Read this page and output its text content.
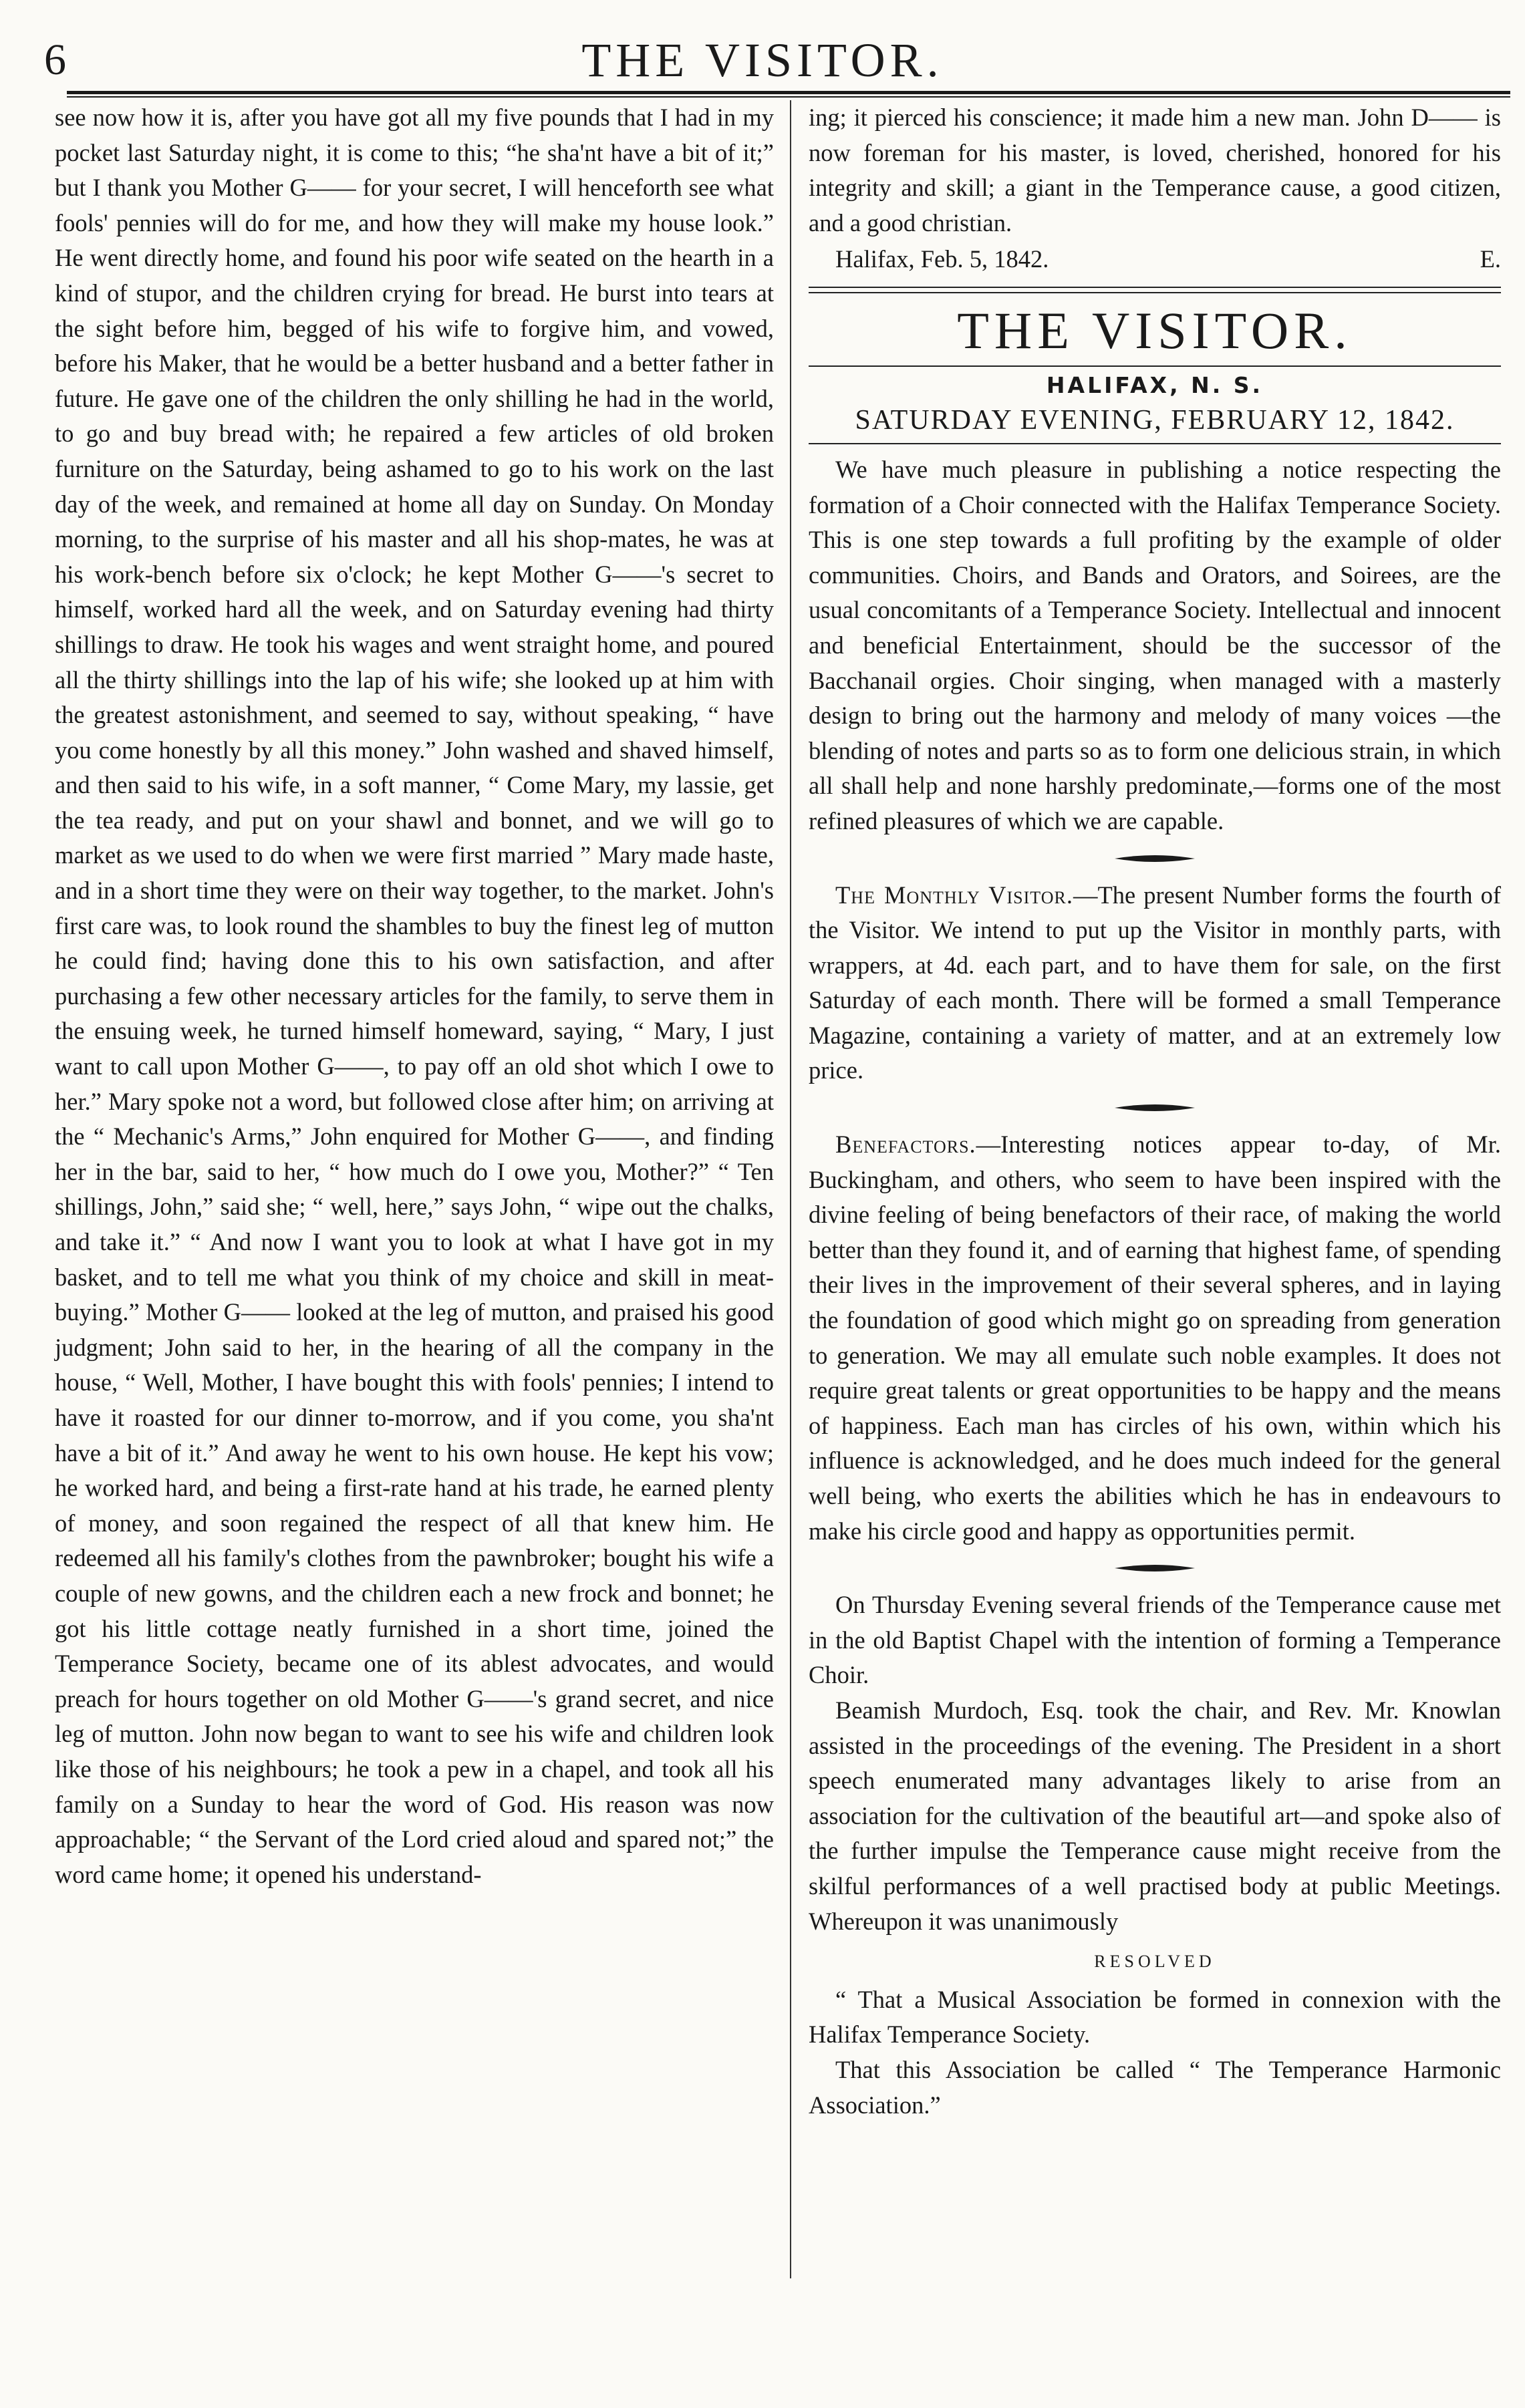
6	THE VISITOR.

see now how it is, after you have got all my five pounds that I had in my pocket last Saturday night, it is come to this; “he sha'nt have a bit of it;” but I thank you Mother G—— for your secret, I will henceforth see what fools' pennies will do for me, and how they will make my house look.” He went directly home, and found his poor wife seated on the hearth in a kind of stupor, and the children crying for bread. He burst into tears at the sight before him, begged of his wife to forgive him, and vowed, before his Maker, that he would be a better husband and a better father in future. He gave one of the children the only shilling he had in the world, to go and buy bread with; he repaired a few articles of old broken furniture on the Saturday, being ashamed to go to his work on the last day of the week, and remained at home all day on Sunday. On Monday morning, to the surprise of his master and all his shop-mates, he was at his work-bench before six o'clock; he kept Mother G——'s secret to himself, worked hard all the week, and on Saturday evening had thirty shillings to draw. He took his wages and went straight home, and poured all the thirty shillings into the lap of his wife; she looked up at him with the greatest astonishment, and seemed to say, without speaking, “ have you come honestly by all this money.” John washed and shaved himself, and then said to his wife, in a soft manner, “ Come Mary, my lassie, get the tea ready, and put on your shawl and bonnet, and we will go to market as we used to do when we were first married ” Mary made haste, and in a short time they were on their way together, to the market. John's first care was, to look round the shambles to buy the finest leg of mutton he could find; having done this to his own satisfaction, and after purchasing a few other necessary articles for the family, to serve them in the ensuing week, he turned himself homeward, saying, “ Mary, I just want to call upon Mother G——, to pay off an old shot which I owe to her.” Mary spoke not a word, but followed close after him; on arriving at the “ Mechanic's Arms,” John enquired for Mother G——, and finding her in the bar, said to her, “ how much do I owe you, Mother?” “ Ten shillings, John,” said she; “ well, here,” says John, “ wipe out the chalks, and take it.” “ And now I want you to look at what I have got in my basket, and to tell me what you think of my choice and skill in meat-buying.” Mother G—— looked at the leg of mutton, and praised his good judgment; John said to her, in the hearing of all the company in the house, “ Well, Mother, I have bought this with fools' pennies; I intend to have it roasted for our dinner to-morrow, and if you come, you sha'nt have a bit of it.” And away he went to his own house. He kept his vow; he worked hard, and being a first-rate hand at his trade, he earned plenty of money, and soon regained the respect of all that knew him. He redeemed all his family's clothes from the pawnbroker; bought his wife a couple of new gowns, and the children each a new frock and bonnet; he got his little cottage neatly furnished in a short time, joined the Temperance Society, became one of its ablest advocates, and would preach for hours together on old Mother G——'s grand secret, and nice leg of mutton. John now began to want to see his wife and children look like those of his neighbours; he took a pew in a chapel, and took all his family on a Sunday to hear the word of God. His reason was now approachable; “ the Servant of the Lord cried aloud and spared not;” the word came home; it opened his understand-

ing; it pierced his conscience; it made him a new man. John D—— is now foreman for his master, is loved, cherished, honored for his integrity and skill; a giant in the Temperance cause, a good citizen, and a good christian.

Halifax, Feb. 5, 1842.	E.
THE VISITOR.
HALIFAX, N. S.
SATURDAY EVENING, FEBRUARY 12, 1842.

We have much pleasure in publishing a notice respecting the formation of a Choir connected with the Halifax Temperance Society. This is one step towards a full profiting by the example of older communities. Choirs, and Bands and Orators, and Soirees, are the usual concomitants of a Temperance Society. Intellectual and innocent and beneficial Entertainment, should be the successor of the Bacchanail orgies. Choir singing, when managed with a masterly design to bring out the harmony and melody of many voices —the blending of notes and parts so as to form one delicious strain, in which all shall help and none harshly predominate,—forms one of the most refined pleasures of which we are capable.

The Monthly Visitor.—The present Number forms the fourth of the Visitor. We intend to put up the Visitor in monthly parts, with wrappers, at 4d. each part, and to have them for sale, on the first Saturday of each month. There will be formed a small Temperance Magazine, containing a variety of matter, and at an extremely low price.

Benefactors.—Interesting notices appear to-day, of Mr. Buckingham, and others, who seem to have been inspired with the divine feeling of being benefactors of their race, of making the world better than they found it, and of earning that highest fame, of spending their lives in the improvement of their several spheres, and in laying the foundation of good which might go on spreading from generation to generation. We may all emulate such noble examples. It does not require great talents or great opportunities to be happy and the means of happiness. Each man has circles of his own, within which his influence is acknowledged, and he does much indeed for the general well being, who exerts the abilities which he has in endeavours to make his circle good and happy as opportunities permit.

On Thursday Evening several friends of the Temperance cause met in the old Baptist Chapel with the intention of forming a Temperance Choir.

Beamish Murdoch, Esq. took the chair, and Rev. Mr. Knowlan assisted in the proceedings of the evening. The President in a short speech enumerated many advantages likely to arise from an association for the cultivation of the beautiful art—and spoke also of the further impulse the Temperance cause might receive from the skilful performances of a well practised body at public Meetings. Whereupon it was unanimously

RESOLVED

“ That a Musical Association be formed in connexion with the Halifax Temperance Society.

That this Association be called “ The Temperance Harmonic Association.”
